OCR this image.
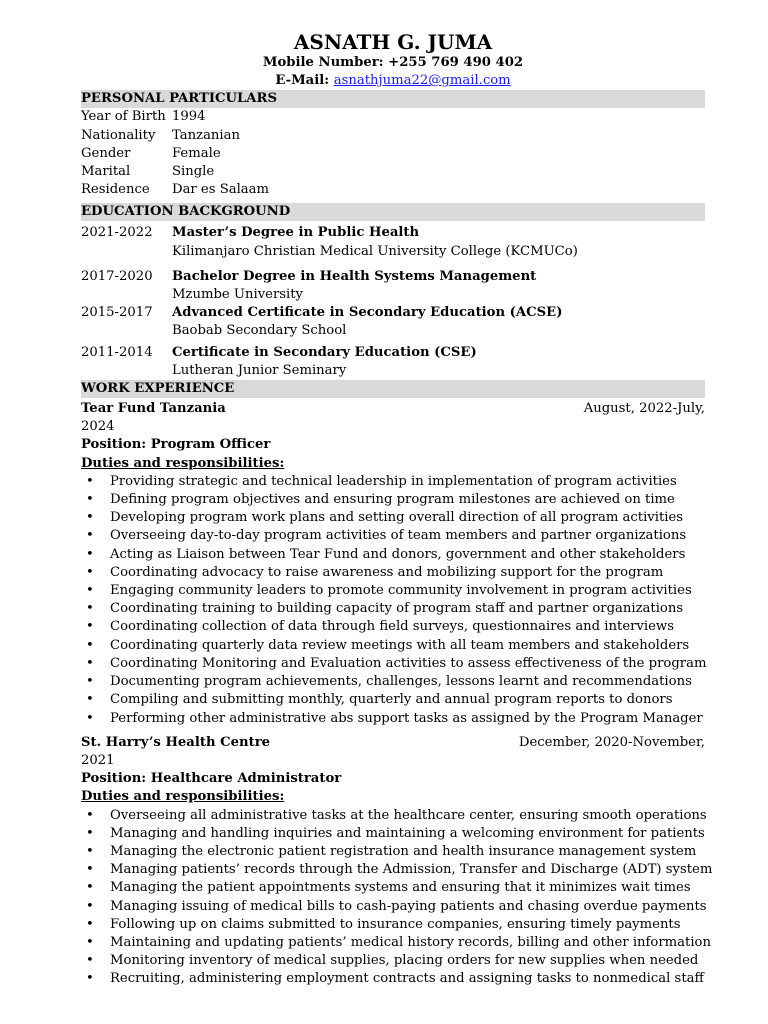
ASNATH G. JUMA
Mobile Number: +255 769 490 402
E-Mail: asnathjuma22@gmail.com
PERSONAL PARTICULARS
Year of Birth 1994
Nationality	Tanzanian
Gender	Female
Marital	Single
Residence	Dar es Salaam
EDUCATION BACKGROUND
2021-2022	Master’s Degree in Public Health
Kilimanjaro Christian Medical University College (KCMUCo)
2017-2020	Bachelor Degree in Health Systems Management
Mzumbe University
2015-2017	Advanced Certificate in Secondary Education (ACSE)
Baobab Secondary School
2011-2014	Certificate in Secondary Education (CSE)
Lutheran Junior Seminary
WORK EXPERIENCE
Tear Fund Tanzania	August, 2022-July,
2024
Position: Program Officer
Duties and responsibilities:
• Providing strategic and technical leadership in implementation of program activities
• Defining program objectives and ensuring program milestones are achieved on time
• Developing program work plans and setting overall direction of all program activities
• Overseeing day-to-day program activities of team members and partner organizations
• Acting as Liaison between Tear Fund and donors, government and other stakeholders
• Coordinating advocacy to raise awareness and mobilizing support for the program
• Engaging community leaders to promote community involvement in program activities
• Coordinating training to building capacity of program staff and partner organizations
• Coordinating collection of data through field surveys, questionnaires and interviews
• Coordinating quarterly data review meetings with all team members and stakeholders
• Coordinating Monitoring and Evaluation activities to assess effectiveness of the program
• Documenting program achievements, challenges, lessons learnt and recommendations
• Compiling and submitting monthly, quarterly and annual program reports to donors
• Performing other administrative abs support tasks as assigned by the Program Manager
St. Harry’s Health Centre	December, 2020-November,
2021
Position: Healthcare Administrator
Duties and responsibilities:
• Overseeing all administrative tasks at the healthcare center, ensuring smooth operations
• Managing and handling inquiries and maintaining a welcoming environment for patients
• Managing the electronic patient registration and health insurance management system
• Managing patients’ records through the Admission, Transfer and Discharge (ADT) system
• Managing the patient appointments systems and ensuring that it minimizes wait times
• Managing issuing of medical bills to cash-paying patients and chasing overdue payments
• Following up on claims submitted to insurance companies, ensuring timely payments
• Maintaining and updating patients’ medical history records, billing and other information
• Monitoring inventory of medical supplies, placing orders for new supplies when needed
• Recruiting, administering employment contracts and assigning tasks to nonmedical staff
